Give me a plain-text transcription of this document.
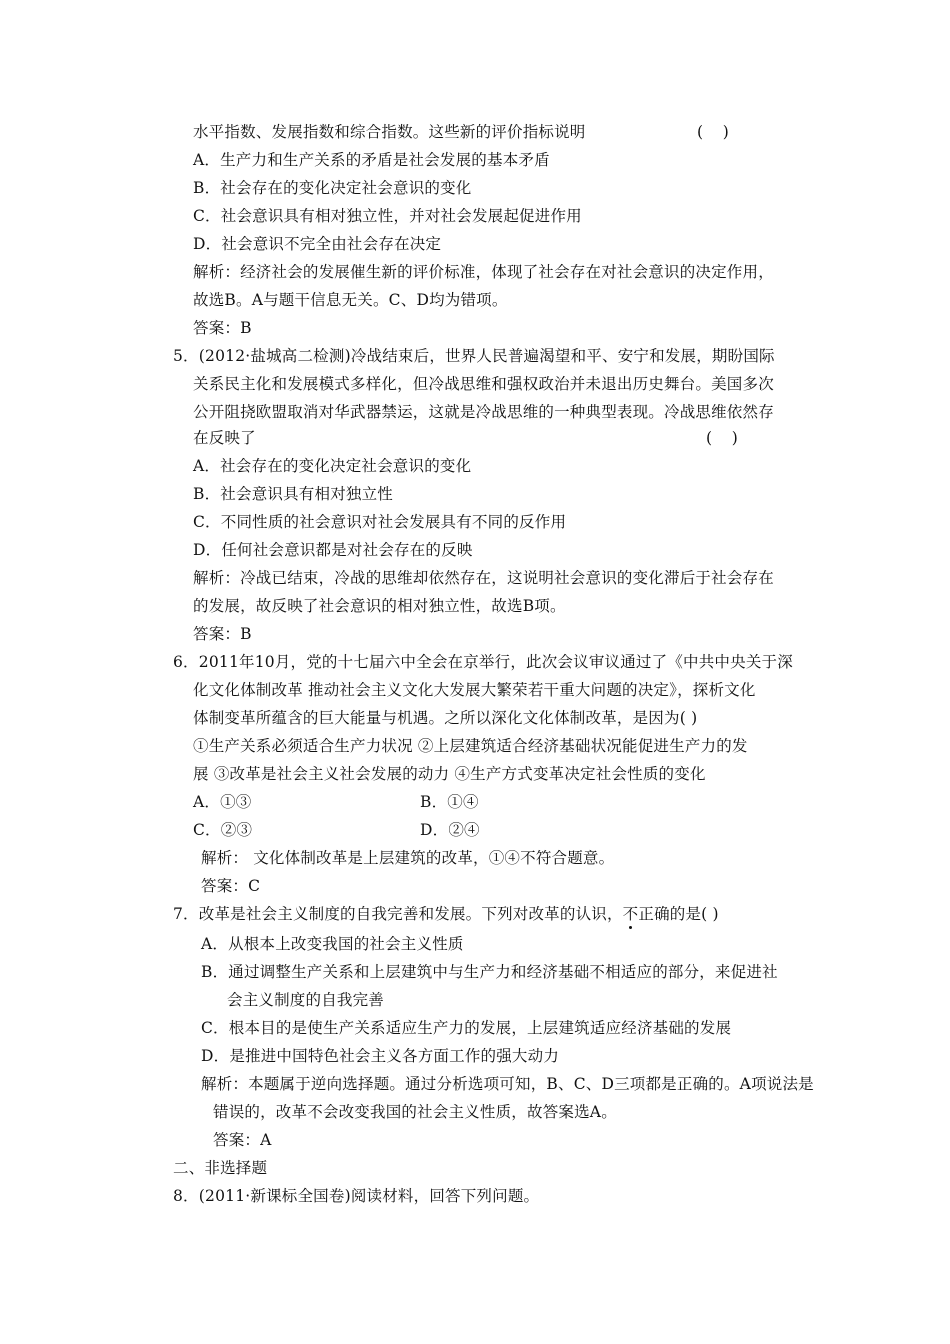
水平指数、发展指数和综合指数。这些新的评价指标说明	(    )
A．生产力和生产关系的矛盾是社会发展的基本矛盾
B．社会存在的变化决定社会意识的变化
C．社会意识具有相对独立性，并对社会发展起促进作用
D．社会意识不完全由社会存在决定
解析：经济社会的发展催生新的评价标准，体现了社会存在对社会意识的决定作用，
故选B。A与题干信息无关。C、D均为错项。
答案：B
5．(2012·盐城高二检测)冷战结束后，世界人民普遍渴望和平、安宁和发展，期盼国际
关系民主化和发展模式多样化，但冷战思维和强权政治并未退出历史舞台。美国多次
公开阻挠欧盟取消对华武器禁运，这就是冷战思维的一种典型表现。冷战思维依然存
在反映了	(    )
A．社会存在的变化决定社会意识的变化
B．社会意识具有相对独立性
C．不同性质的社会意识对社会发展具有不同的反作用
D．任何社会意识都是对社会存在的反映
解析：冷战已结束，冷战的思维却依然存在，这说明社会意识的变化滞后于社会存在
的发展，故反映了社会意识的相对独立性，故选B项。
答案：B
6．2011年10月，党的十七届六中全会在京举行，此次会议审议通过了《中共中央关于深
化文化体制改革 推动社会主义文化大发展大繁荣若干重大问题的决定》，探析文化
体制变革所蕴含的巨大能量与机遇。之所以深化文化体制改革，是因为( )
①生产关系必须适合生产力状况 ②上层建筑适合经济基础状况能促进生产力的发
展 ③改革是社会主义社会发展的动力 ④生产方式变革决定社会性质的变化
A．①③	B．①④
C．②③	D．②④
解析： 文化体制改革是上层建筑的改革，①④不符合题意。
答案：C
7．改革是社会主义制度的自我完善和发展。下列对改革的认识，不正确的是( )
A．从根本上改变我国的社会主义性质
B．通过调整生产关系和上层建筑中与生产力和经济基础不相适应的部分，来促进社
会主义制度的自我完善
C．根本目的是使生产关系适应生产力的发展，上层建筑适应经济基础的发展
D．是推进中国特色社会主义各方面工作的强大动力
解析：本题属于逆向选择题。通过分析选项可知，B、C、D三项都是正确的。A项说法是
错误的，改革不会改变我国的社会主义性质，故答案选A。
答案：A
二、非选择题
8．(2011·新课标全国卷)阅读材料，回答下列问题。
